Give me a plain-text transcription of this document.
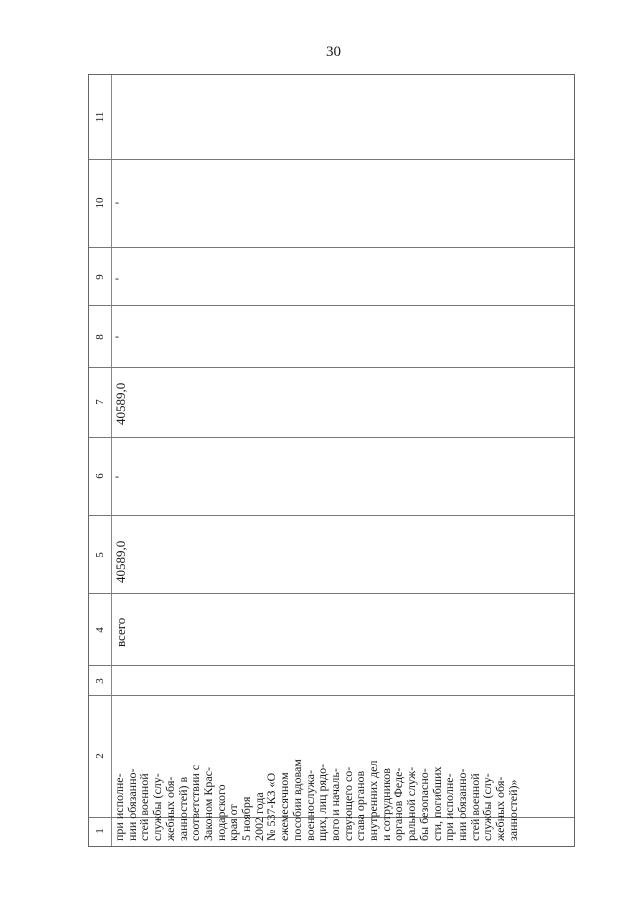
30
11
10
9
8
7
6
5
4
3
2
1
-
-
-
40589,0
-
40589,0
всего
при исполне-
нии обязанно-
стей военной
службы (слу-
жебных обя-
занностей) в
соответствии с
Законом Крас-
нодарского
края от
5 ноября
2002 года
№ 537-КЗ «О
ежемесячном
пособии вдовам
военнослужа-
щих, лиц рядо-
вого и началь-
ствующего со-
става органов
внутренних дел
и сотрудников
органов Феде-
ральной служ-
бы безопасно-
сти, погибших
при исполне-
нии обязанно-
стей военной
службы (слу-
жебных обя-
занностей)»
